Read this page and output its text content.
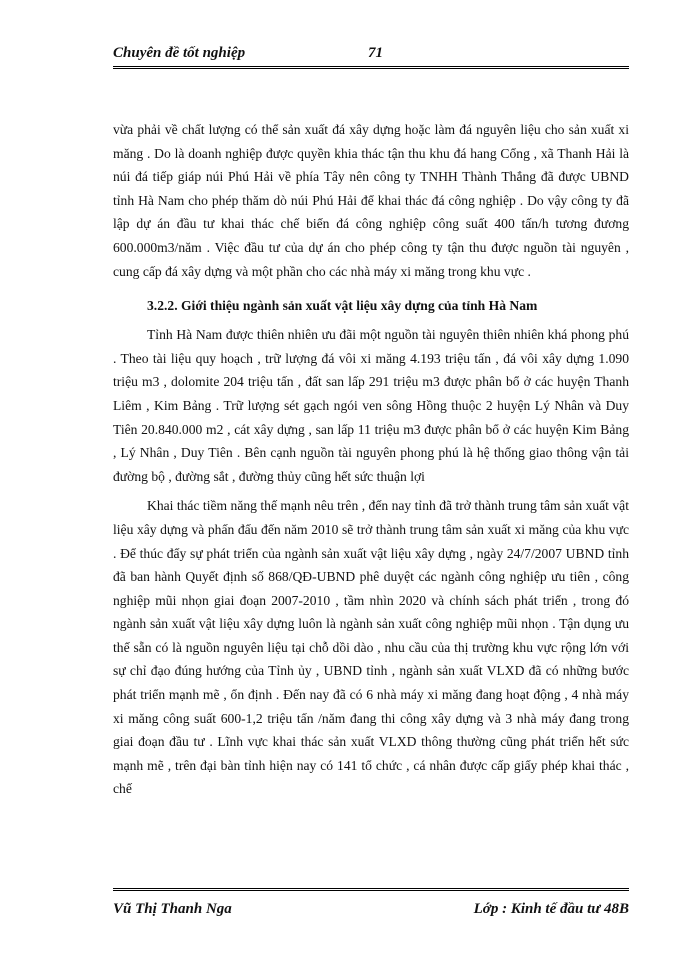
Chuyên đề tốt nghiệp	71

vừa phải về chất lượng có thể sản xuất đá xây dựng hoặc làm đá nguyên liệu cho sản xuất xi măng . Do là doanh nghiệp được quyền khia thác tận thu khu đá hang Cổng , xã Thanh Hải là núi đá tiếp giáp núi Phú Hải về phía Tây nên công ty TNHH Thành Thắng đã được UBND tỉnh Hà Nam cho phép thăm dò núi Phú Hải để khai thác đá công nghiệp . Do vậy công ty đã lập dự án đầu tư khai thác chế biến đá công nghiệp công suất 400 tấn/h tương đương 600.000m3/năm . Việc đầu tư của dự án cho phép công ty tận thu được nguồn tài nguyên , cung cấp đá xây dựng và một phần cho các nhà máy xi măng trong khu vực .

3.2.2. Giới thiệu ngành sản xuất vật liệu xây dựng của tỉnh Hà Nam

Tỉnh Hà Nam được thiên nhiên ưu đãi một nguồn tài nguyên thiên nhiên khá phong phú . Theo tài liệu quy hoạch , trữ lượng đá vôi xi măng 4.193 triệu tấn , đá vôi xây dựng 1.090 triệu m3 , dolomite 204 triệu tấn , đất san lấp 291 triệu m3 được phân bổ ở các huyện Thanh Liêm , Kim Bảng . Trữ lượng sét gạch ngói ven sông Hồng thuộc 2 huyện Lý Nhân và Duy Tiên 20.840.000 m2 , cát xây dựng , san lấp 11 triệu m3 được phân bổ ở các huyện Kim Bảng , Lý Nhân , Duy Tiên . Bên cạnh nguồn tài nguyên phong phú là hệ thống giao thông vận tải đường bộ , đường sắt , đường thủy cũng hết sức thuận lợi

Khai thác tiềm năng thế mạnh nêu trên , đến nay tỉnh đã trở thành trung tâm sản xuất vật liệu xây dựng và phấn đấu đến năm 2010 sẽ trở thành trung tâm sản xuất xi măng của khu vực . Để thúc đẩy sự phát triển của ngành sản xuất vật liệu xây dựng , ngày 24/7/2007 UBND tỉnh đã ban hành Quyết định số 868/QĐ-UBND phê duyệt các ngành công nghiệp ưu tiên , công nghiệp mũi nhọn giai đoạn 2007-2010 , tầm nhìn 2020 và chính sách phát triển , trong đó ngành sản xuất vật liệu xây dựng luôn là ngành sản xuất công nghiệp mũi nhọn . Tận dụng ưu thế sẵn có là nguồn nguyên liệu tại chỗ dồi dào , nhu cầu của thị trường khu vực rộng lớn với sự chỉ đạo đúng hướng của Tỉnh ủy , UBND tỉnh , ngành sản xuất VLXD đã có những bước phát triển mạnh mẽ , ổn định . Đến nay đã có 6 nhà máy xi măng đang hoạt động , 4 nhà máy xi măng công suất 600-1,2 triệu tấn /năm đang thi công xây dựng và 3 nhà máy đang trong giai đoạn đầu tư . Lĩnh vực khai thác sản xuất VLXD thông thường cũng phát triển hết sức mạnh mẽ , trên đại bàn tỉnh hiện nay có 141 tổ chức , cá nhân được cấp giấy phép khai thác , chế

Vũ Thị Thanh Nga	Lớp : Kinh tế đầu tư 48B
